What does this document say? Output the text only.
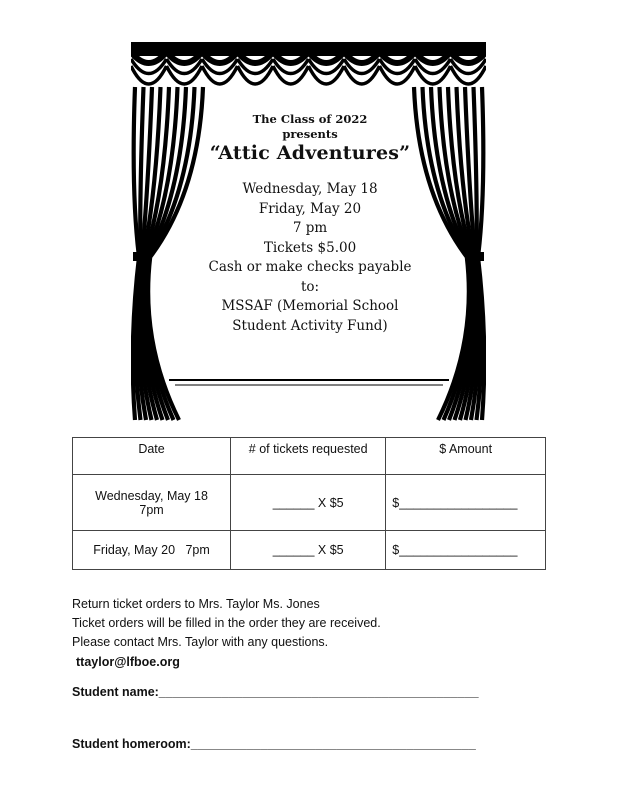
The Class of 2022
presents
“Attic Adventures”
Wednesday, May 18
Friday, May 20
7 pm
Tickets $5.00
Cash or make checks payable
to:
MSSAF (Memorial School
Student Activity Fund)
Date	# of tickets requested	$ Amount

Wednesday, May 18
7pm	______ X $5	$_________________

Friday, May 20   7pm	______ X $5	$_________________
Return ticket orders to Mrs. Taylor Ms. Jones
Ticket orders will be filled in the order they are received.
Please contact Mrs. Taylor with any questions.
ttaylor@lfboe.org
Student name:______________________________________________
Student homeroom:_________________________________________
